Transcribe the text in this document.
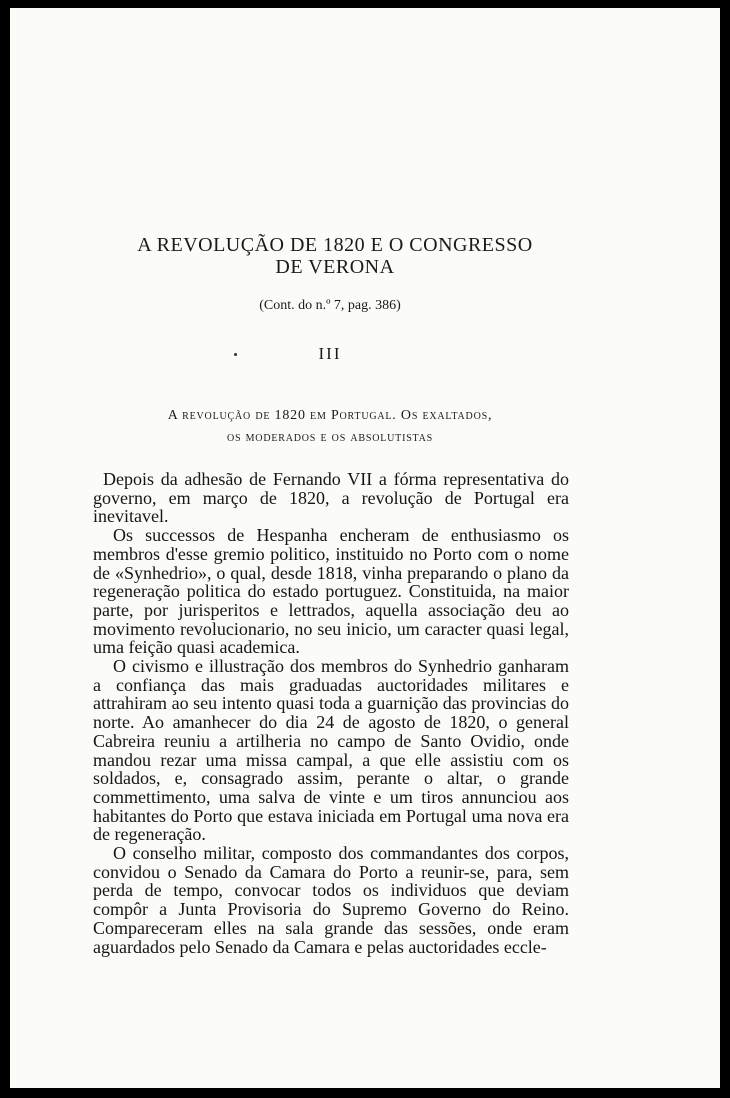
A REVOLUÇÃO DE 1820 E O CONGRESSO
DE VERONA
(Cont. do n.º 7, pag. 386)
III
A revolução de 1820 em Portugal. Os exaltados,
os moderados e os absolutistas

Depois da adhesão de Fernando VII a fórma representativa do governo, em março de 1820, a revolução de Portugal era inevitavel.

Os successos de Hespanha encheram de enthusiasmo os membros d'esse gremio politico, instituido no Porto com o nome de «Synhedrio», o qual, desde 1818, vinha preparando o plano da regeneração politica do estado portuguez. Constituida, na maior parte, por jurisperitos e lettrados, aquella associação deu ao movimento revolucionario, no seu inicio, um caracter quasi legal, uma feição quasi academica.

O civismo e illustração dos membros do Synhedrio ganharam a confiança das mais graduadas auctoridades militares e attrahiram ao seu intento quasi toda a guarnição das provincias do norte. Ao amanhecer do dia 24 de agosto de 1820, o general Cabreira reuniu a artilheria no campo de Santo Ovidio, onde mandou rezar uma missa campal, a que elle assistiu com os soldados, e, consagrado assim, perante o altar, o grande commettimento, uma salva de vinte e um tiros annunciou aos habitantes do Porto que estava iniciada em Portugal uma nova era de regeneração.

O conselho militar, composto dos commandantes dos corpos, convidou o Senado da Camara do Porto a reunir-se, para, sem perda de tempo, convocar todos os individuos que deviam compôr a Junta Provisoria do Supremo Governo do Reino. Compareceram elles na sala grande das sessões, onde eram aguardados pelo Senado da Camara e pelas auctoridades eccle-
